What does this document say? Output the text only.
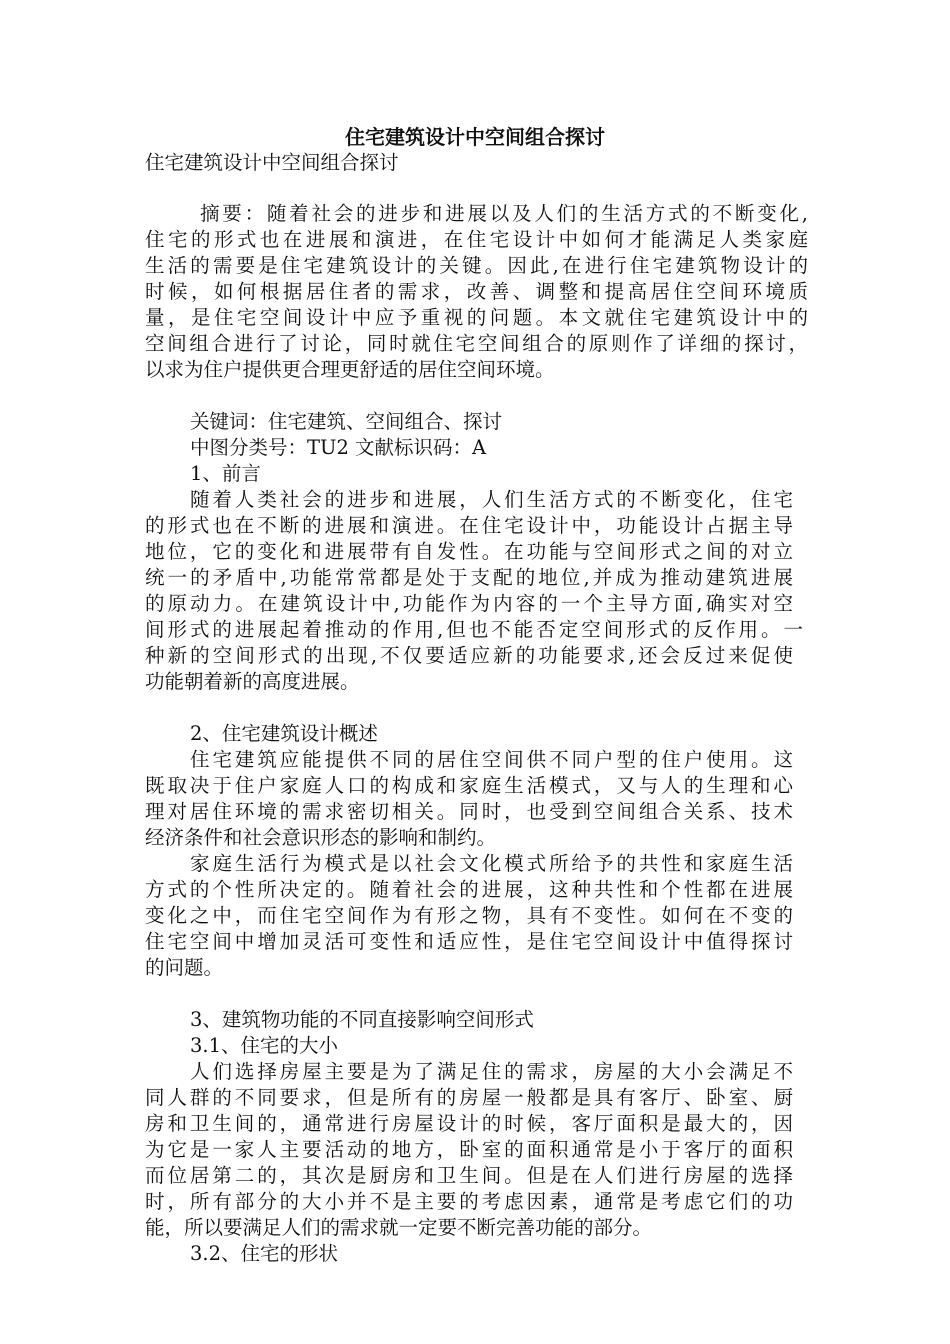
住宅建筑设计中空间组合探讨
住宅建筑设计中空间组合探讨
摘要：随着社会的进步和进展以及人们的生活方式的不断变化,
住宅的形式也在进展和演进，在住宅设计中如何才能满足人类家庭
生活的需要是住宅建筑设计的关键。因此,在进行住宅建筑物设计的
时候，如何根据居住者的需求，改善、调整和提高居住空间环境质
量，是住宅空间设计中应予重视的问题。本文就住宅建筑设计中的
空间组合进行了讨论，同时就住宅空间组合的原则作了详细的探讨，
以求为住户提供更合理更舒适的居住空间环境。
关键词：住宅建筑、空间组合、探讨
中图分类号：TU2 文献标识码：A
1、前言
随着人类社会的进步和进展，人们生活方式的不断变化，住宅
的形式也在不断的进展和演进。在住宅设计中，功能设计占据主导
地位，它的变化和进展带有自发性。在功能与空间形式之间的对立
统一的矛盾中,功能常常都是处于支配的地位,并成为推动建筑进展
的原动力。在建筑设计中,功能作为内容的一个主导方面,确实对空
间形式的进展起着推动的作用,但也不能否定空间形式的反作用。一
种新的空间形式的出现,不仅要适应新的功能要求,还会反过来促使
功能朝着新的高度进展。
2、住宅建筑设计概述
住宅建筑应能提供不同的居住空间供不同户型的住户使用。这
既取决于住户家庭人口的构成和家庭生活模式，又与人的生理和心
理对居住环境的需求密切相关。同时，也受到空间组合关系、技术
经济条件和社会意识形态的影响和制约。
家庭生活行为模式是以社会文化模式所给予的共性和家庭生活
方式的个性所决定的。随着社会的进展，这种共性和个性都在进展
变化之中，而住宅空间作为有形之物，具有不变性。如何在不变的
住宅空间中增加灵活可变性和适应性，是住宅空间设计中值得探讨
的问题。
3、建筑物功能的不同直接影响空间形式
3.1、住宅的大小
人们选择房屋主要是为了满足住的需求，房屋的大小会满足不
同人群的不同要求，但是所有的房屋一般都是具有客厅、卧室、厨
房和卫生间的，通常进行房屋设计的时候，客厅面积是最大的，因
为它是一家人主要活动的地方，卧室的面积通常是小于客厅的面积
而位居第二的，其次是厨房和卫生间。但是在人们进行房屋的选择
时，所有部分的大小并不是主要的考虑因素，通常是考虑它们的功
能，所以要满足人们的需求就一定要不断完善功能的部分。
3.2、住宅的形状
